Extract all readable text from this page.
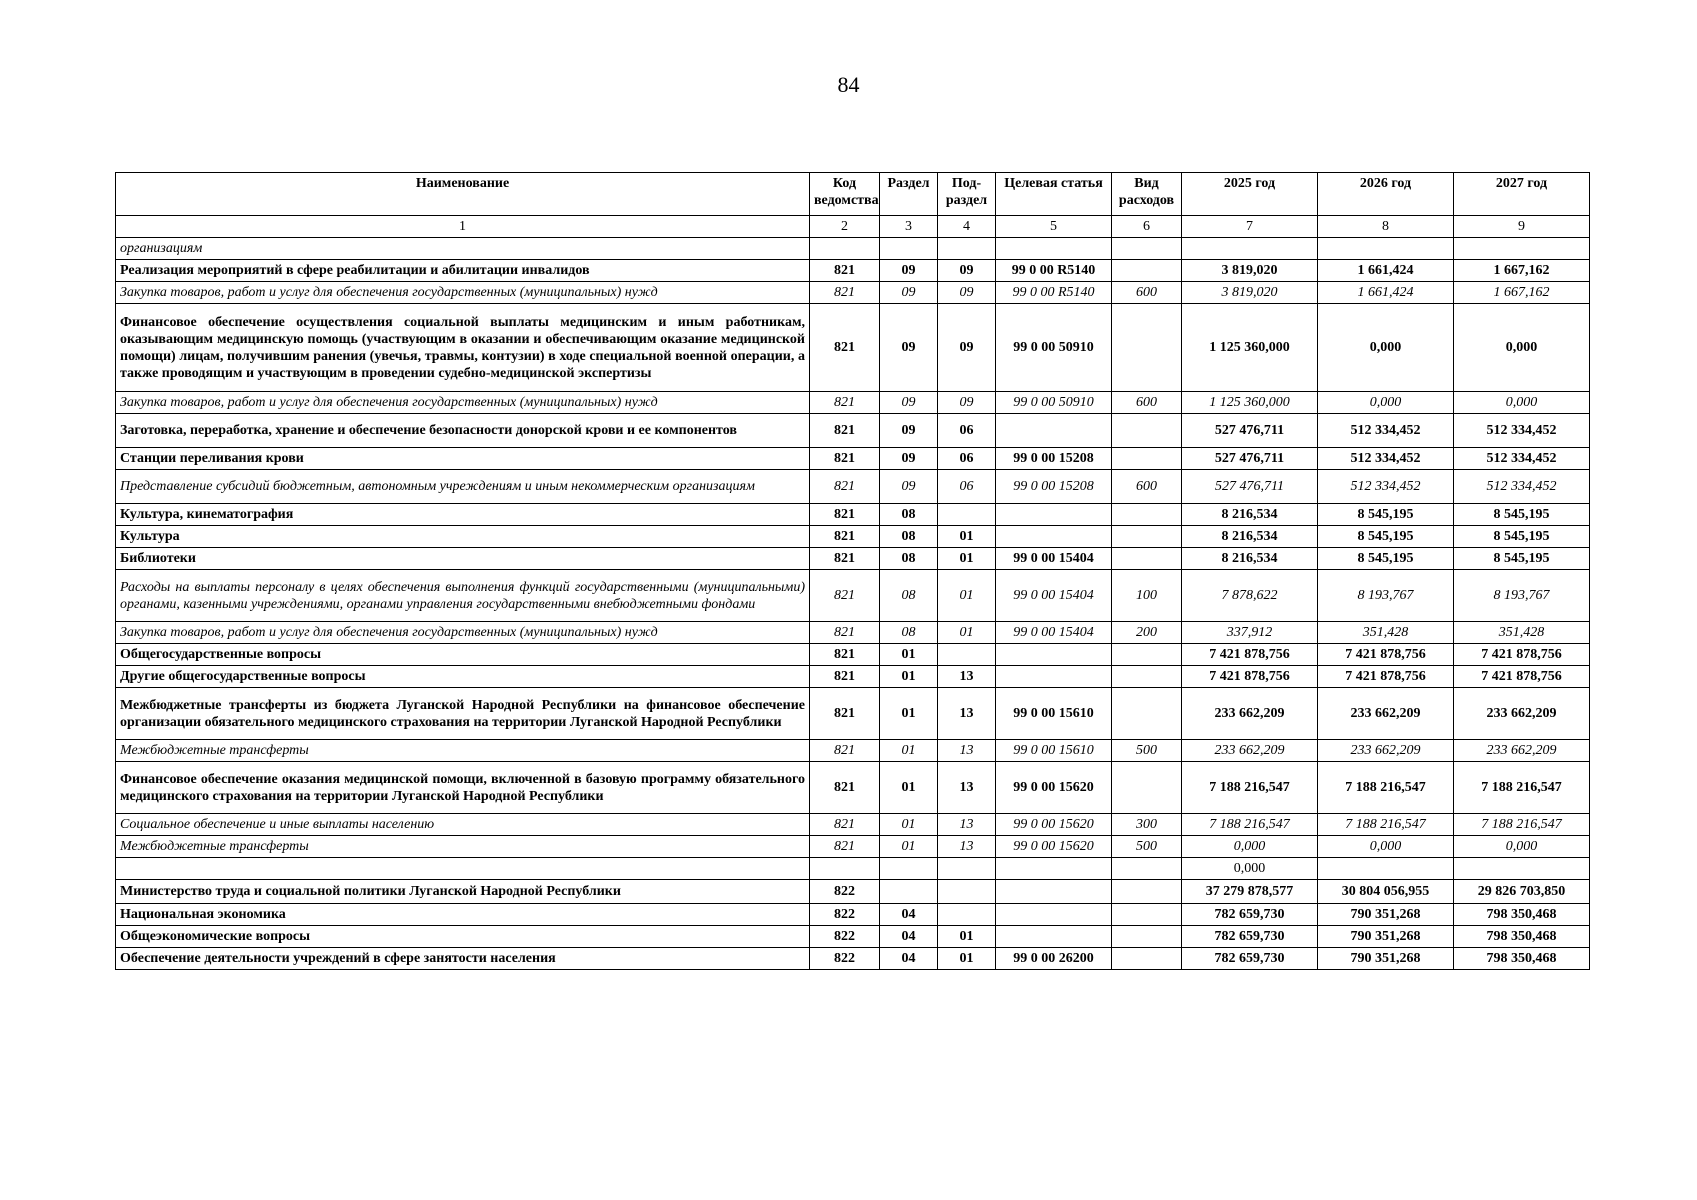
84
Наименование	Код ведомства	Раздел	Под-раздел	Целевая статья	Вид расходов	2025 год	2026 год	2027 год
1	2	3	4	5	6	7	8	9
организациям								
Реализация мероприятий в сфере реабилитации и абилитации инвалидов	821	09	09	99 0 00 R5140		3 819,020	1 661,424	1 667,162
Закупка товаров, работ и услуг для обеспечения государственных (муниципальных) нужд	821	09	09	99 0 00 R5140	600	3 819,020	1 661,424	1 667,162
Финансовое обеспечение осуществления социальной выплаты медицинским и иным работникам, оказывающим медицинскую помощь (участвующим в оказании и обеспечивающим оказание медицинской помощи) лицам, получившим ранения (увечья, травмы, контузии) в ходе специальной военной операции, а также проводящим и участвующим в проведении судебно-медицинской экспертизы	821	09	09	99 0 00 50910		1 125 360,000	0,000	0,000
Закупка товаров, работ и услуг для обеспечения государственных (муниципальных) нужд	821	09	09	99 0 00 50910	600	1 125 360,000	0,000	0,000
Заготовка, переработка, хранение и обеспечение безопасности донорской крови и ее компонентов	821	09	06			527 476,711	512 334,452	512 334,452
Станции переливания крови	821	09	06	99 0 00 15208		527 476,711	512 334,452	512 334,452
Представление субсидий бюджетным, автономным учреждениям и иным некоммерческим организациям	821	09	06	99 0 00 15208	600	527 476,711	512 334,452	512 334,452
Культура, кинематография	821	08				8 216,534	8 545,195	8 545,195
Культура	821	08	01			8 216,534	8 545,195	8 545,195
Библиотеки	821	08	01	99 0 00 15404		8 216,534	8 545,195	8 545,195
Расходы на выплаты персоналу в целях обеспечения выполнения функций государственными (муниципальными) органами, казенными учреждениями, органами управления государственными внебюджетными фондами	821	08	01	99 0 00 15404	100	7 878,622	8 193,767	8 193,767
Закупка товаров, работ и услуг для обеспечения государственных (муниципальных) нужд	821	08	01	99 0 00 15404	200	337,912	351,428	351,428
Общегосударственные вопросы	821	01				7 421 878,756	7 421 878,756	7 421 878,756
Другие общегосударственные вопросы	821	01	13			7 421 878,756	7 421 878,756	7 421 878,756
Межбюджетные трансферты из бюджета Луганской Народной Республики на финансовое обеспечение организации обязательного медицинского страхования на территории Луганской Народной Республики	821	01	13	99 0 00 15610		233 662,209	233 662,209	233 662,209
Межбюджетные трансферты	821	01	13	99 0 00 15610	500	233 662,209	233 662,209	233 662,209
Финансовое обеспечение оказания медицинской помощи, включенной в базовую программу обязательного медицинского страхования на территории Луганской Народной Республики	821	01	13	99 0 00 15620		7 188 216,547	7 188 216,547	7 188 216,547
Социальное обеспечение и иные выплаты населению	821	01	13	99 0 00 15620	300	7 188 216,547	7 188 216,547	7 188 216,547
Межбюджетные трансферты	821	01	13	99 0 00 15620	500	0,000	0,000	0,000
						0,000		
Министерство труда и социальной политики Луганской Народной Республики	822					37 279 878,577	30 804 056,955	29 826 703,850
Национальная экономика	822	04				782 659,730	790 351,268	798 350,468
Общеэкономические вопросы	822	04	01			782 659,730	790 351,268	798 350,468
Обеспечение деятельности учреждений в сфере занятости населения	822	04	01	99 0 00 26200		782 659,730	790 351,268	798 350,468
